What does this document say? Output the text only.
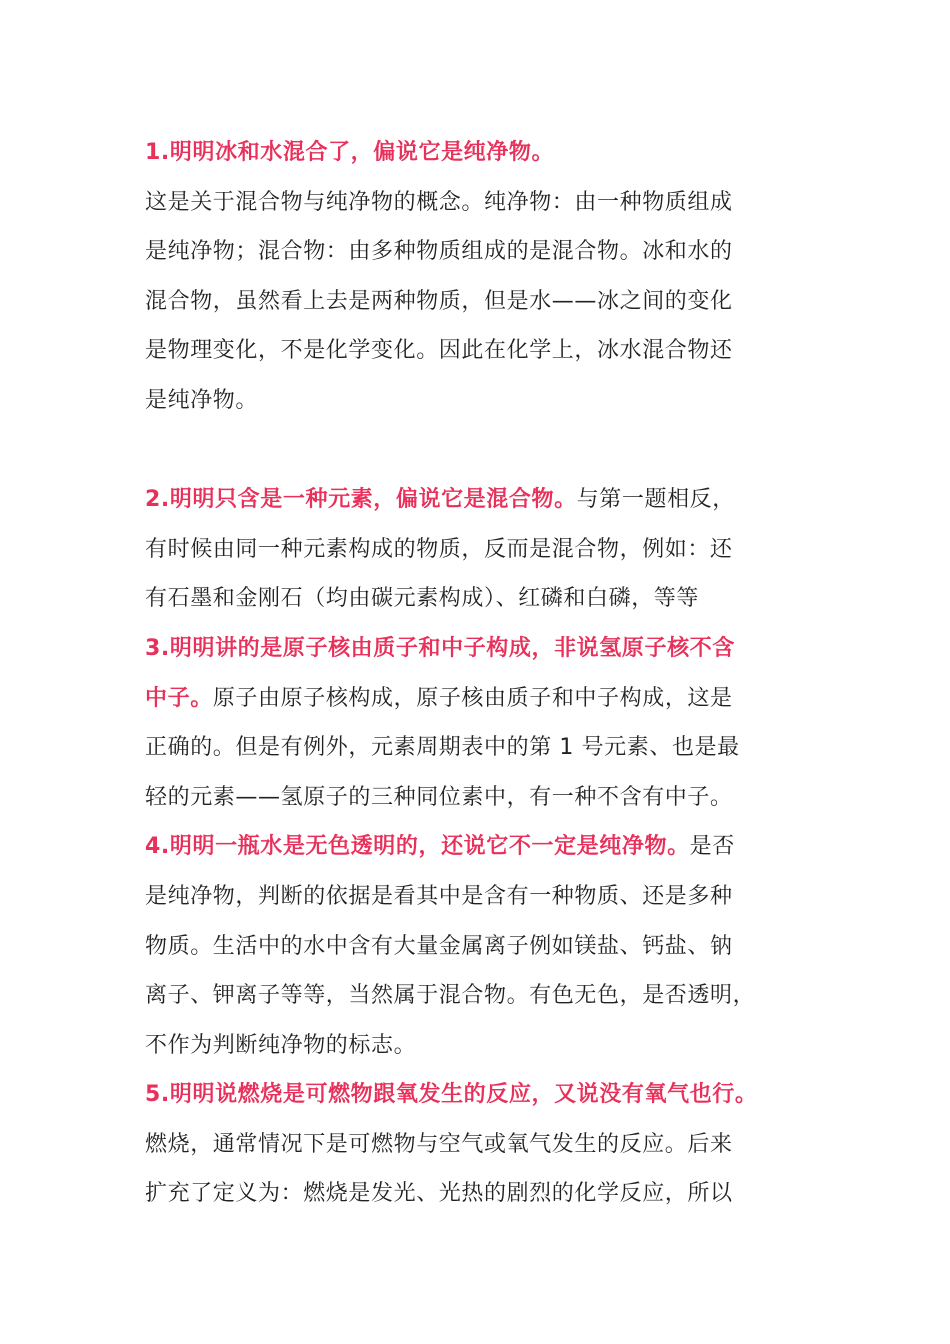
1.明明冰和水混合了，偏说它是纯净物。

这是关于混合物与纯净物的概念。纯净物：由一种物质组成
是纯净物；混合物：由多种物质组成的是混合物。冰和水的
混合物，虽然看上去是两种物质，但是水——冰之间的变化
是物理变化，不是化学变化。因此在化学上，冰水混合物还
是纯净物。

2.明明只含是一种元素，偏说它是混合物。与第一题相反，
有时候由同一种元素构成的物质，反而是混合物，例如：还
有石墨和金刚石（均由碳元素构成）、红磷和白磷，等等

3.明明讲的是原子核由质子和中子构成，非说氢原子核不含
中子。原子由原子核构成，原子核由质子和中子构成，这是
正确的。但是有例外，元素周期表中的第 1 号元素、也是最
轻的元素——氢原子的三种同位素中，有一种不含有中子。

4.明明一瓶水是无色透明的，还说它不一定是纯净物。是否
是纯净物，判断的依据是看其中是含有一种物质、还是多种
物质。生活中的水中含有大量金属离子例如镁盐、钙盐、钠
离子、钾离子等等，当然属于混合物。有色无色，是否透明，
不作为判断纯净物的标志。

5.明明说燃烧是可燃物跟氧发生的反应，又说没有氧气也行。
燃烧，通常情况下是可燃物与空气或氧气发生的反应。后来
扩充了定义为：燃烧是发光、光热的剧烈的化学反应，所以
